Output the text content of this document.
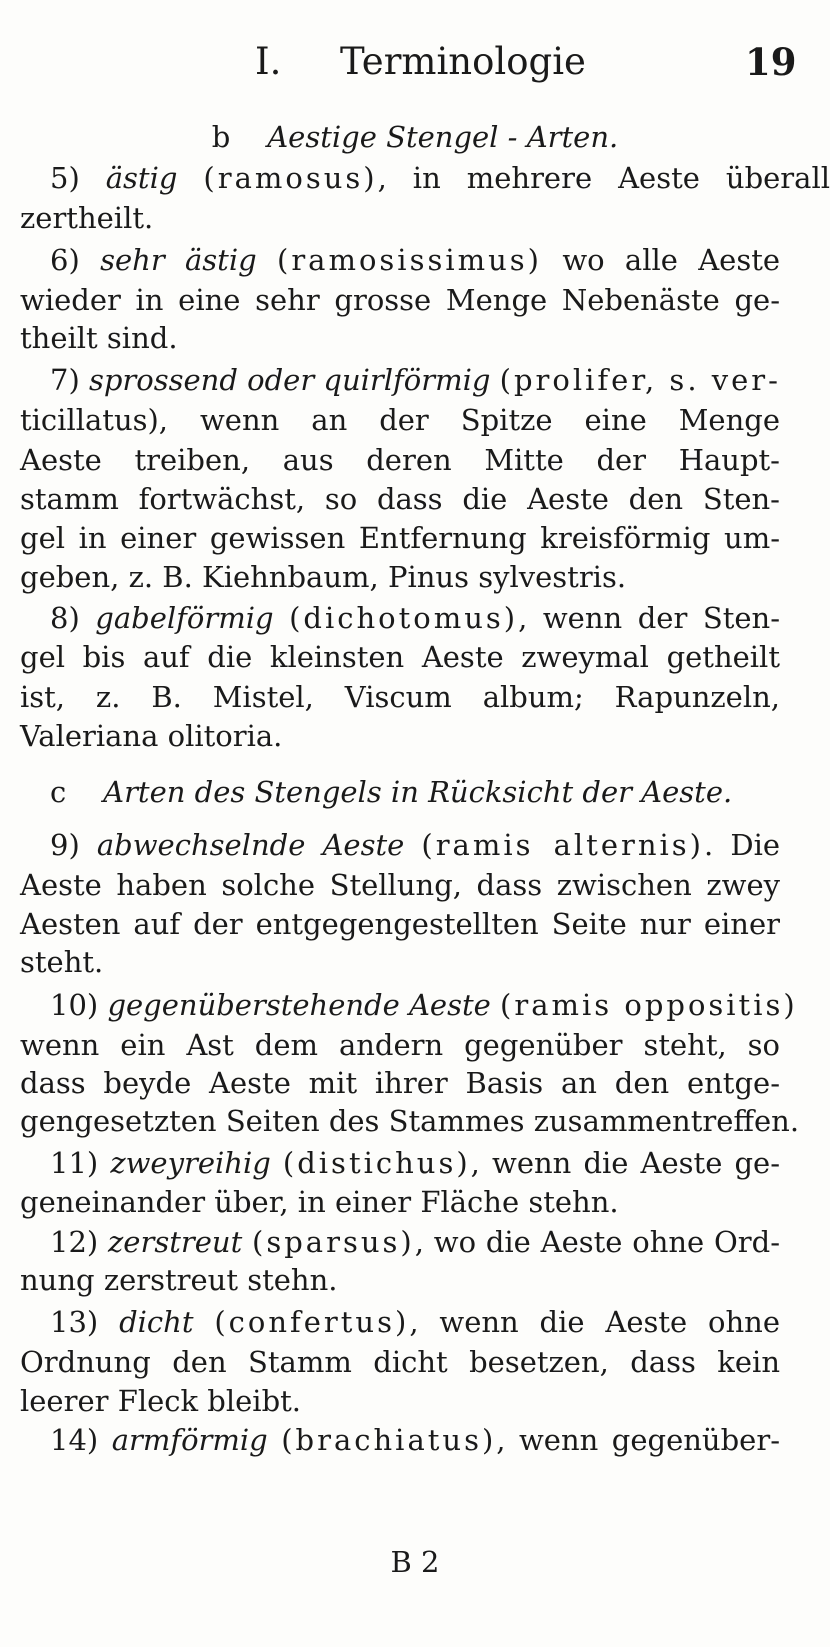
I. Terminologie	19
b Aestige Stengel - Arten.
5) ästig (ramosus), in mehrere Aeste überall
zertheilt.
6) sehr ästig (ramosissimus) wo alle Aeste
wieder in eine sehr grosse Menge Nebenäste ge-
theilt sind.
7) sprossend oder quirlförmig (prolifer, s. ver-
ticillatus), wenn an der Spitze eine Menge
Aeste treiben, aus deren Mitte der Haupt-
stamm fortwächst, so dass die Aeste den Sten-
gel in einer gewissen Entfernung kreisförmig um-
geben, z. B. Kiehnbaum, Pinus sylvestris.
8) gabelförmig (dichotomus), wenn der Sten-
gel bis auf die kleinsten Aeste zweymal getheilt
ist, z. B. Mistel, Viscum album; Rapunzeln,
Valeriana olitoria.
c Arten des Stengels in Rücksicht der Aeste.
9) abwechselnde Aeste (ramis alternis). Die
Aeste haben solche Stellung, dass zwischen zwey
Aesten auf der entgegengestellten Seite nur einer
steht.
10) gegenüberstehende Aeste (ramis oppositis)
wenn ein Ast dem andern gegenüber steht, so
dass beyde Aeste mit ihrer Basis an den entge-
gengesetzten Seiten des Stammes zusammentreffen.
11) zweyreihig (distichus), wenn die Aeste ge-
geneinander über, in einer Fläche stehn.
12) zerstreut (sparsus), wo die Aeste ohne Ord-
nung zerstreut stehn.
13) dicht (confertus), wenn die Aeste ohne
Ordnung den Stamm dicht besetzen, dass kein
leerer Fleck bleibt.
14) armförmig (brachiatus), wenn gegenüber-
B 2
